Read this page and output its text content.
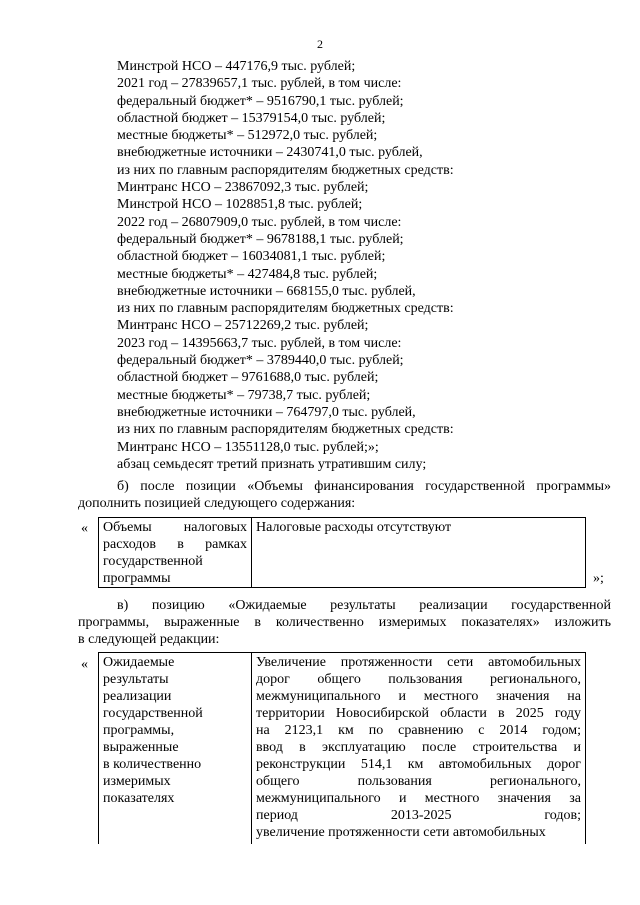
2
Минстрой НСО – 447176,9 тыс. рублей;
2021 год – 27839657,1 тыс. рублей, в том числе:
федеральный бюджет* – 9516790,1 тыс. рублей;
областной бюджет – 15379154,0 тыс. рублей;
местные бюджеты* – 512972,0 тыс. рублей;
внебюджетные источники – 2430741,0 тыс. рублей,
из них по главным распорядителям бюджетных средств:
Минтранс НСО – 23867092,3 тыс. рублей;
Минстрой НСО – 1028851,8 тыс. рублей;
2022 год – 26807909,0 тыс. рублей, в том числе:
федеральный бюджет* – 9678188,1 тыс. рублей;
областной бюджет – 16034081,1 тыс. рублей;
местные бюджеты* – 427484,8 тыс. рублей;
внебюджетные источники – 668155,0 тыс. рублей,
из них по главным распорядителям бюджетных средств:
Минтранс НСО – 25712269,2 тыс. рублей;
2023 год – 14395663,7 тыс. рублей, в том числе:
федеральный бюджет* – 3789440,0 тыс. рублей;
областной бюджет – 9761688,0 тыс. рублей;
местные бюджеты* – 79738,7 тыс. рублей;
внебюджетные источники – 764797,0 тыс. рублей,
из них по главным распорядителям бюджетных средств:
Минтранс НСО – 13551128,0 тыс. рублей;»;
абзац семьдесят третий признать утратившим силу;
б) после позиции «Объемы финансирования государственной программы»
дополнить позицией следующего содержания:
« Объемы налоговых
расходов в рамках
государственной
программы
	Налоговые расходы отсутствуют
»;
в) позицию «Ожидаемые результаты реализации государственной
программы, выраженные в количественно измеримых показателях» изложить
в следующей редакции:
« Ожидаемые
результаты
реализации
государственной
программы,
выраженные
в количественно
измеримых
показателях

Увеличение протяженности сети автомобильных
дорог общего пользования регионального,
межмуниципального и местного значения на
территории Новосибирской области в 2025 году
на 2123,1 км по сравнению с 2014 годом;
ввод в эксплуатацию после строительства и
реконструкции 514,1 км автомобильных дорог
общего	пользования	регионального,
межмуниципального и местного значения за
период	2013-2025	годов;
увеличение протяженности сети автомобильных
